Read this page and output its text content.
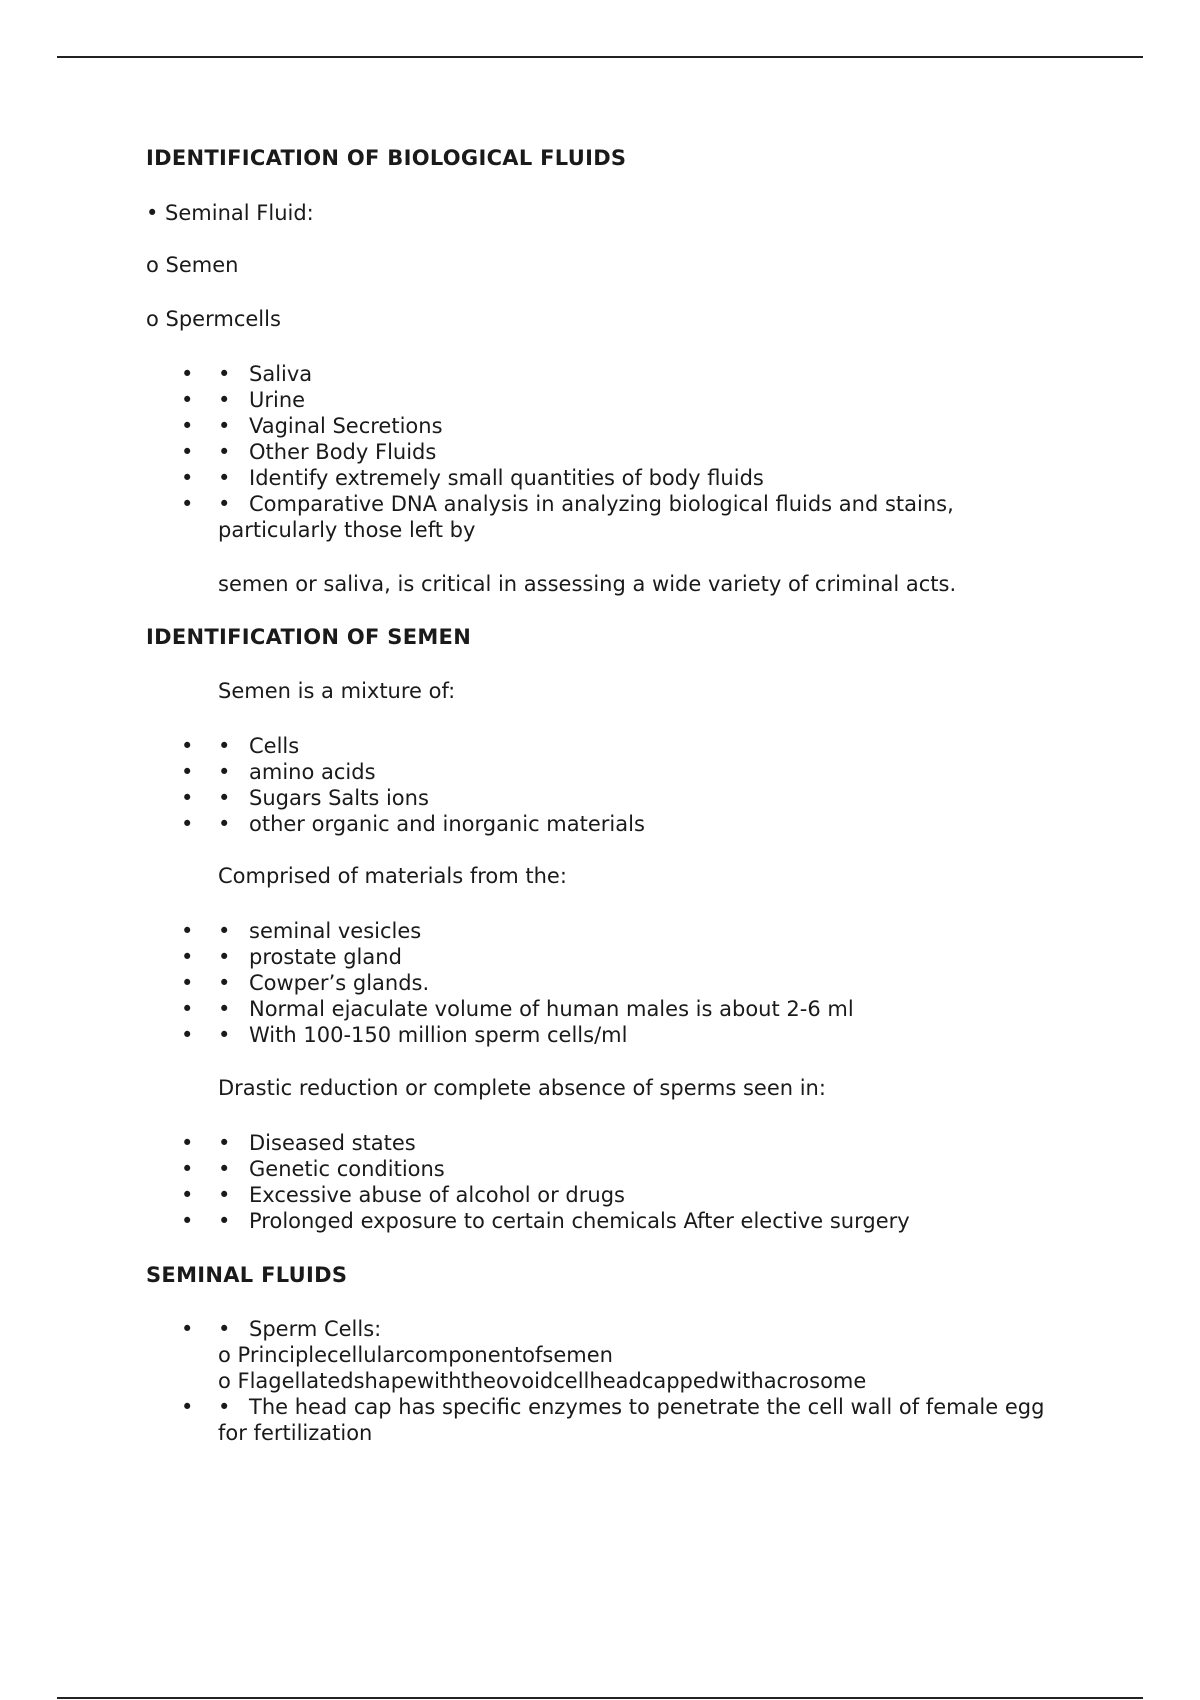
IDENTIFICATION OF BIOLOGICAL FLUIDS
• Seminal Fluid:
o Semen
o Spermcells
• • Saliva
• • Urine
• • Vaginal Secretions
• • Other Body Fluids
• • Identify extremely small quantities of body fluids
• • Comparative DNA analysis in analyzing biological fluids and stains, particularly those left by
semen or saliva, is critical in assessing a wide variety of criminal acts.
IDENTIFICATION OF SEMEN
Semen is a mixture of:
• • Cells
• • amino acids
• • Sugars Salts ions
• • other organic and inorganic materials
Comprised of materials from the:
• • seminal vesicles
• • prostate gland
• • Cowper’s glands.
• • Normal ejaculate volume of human males is about 2-6 ml
• • With 100-150 million sperm cells/ml
Drastic reduction or complete absence of sperms seen in:
• • Diseased states
• • Genetic conditions
• • Excessive abuse of alcohol or drugs
• • Prolonged exposure to certain chemicals After elective surgery
SEMINAL FLUIDS
• • Sperm Cells:
o Principlecellularcomponentofsemen
o Flagellatedshapewiththeovoidcellheadcappedwithacrosome
• • The head cap has specific enzymes to penetrate the cell wall of female egg for fertilization
